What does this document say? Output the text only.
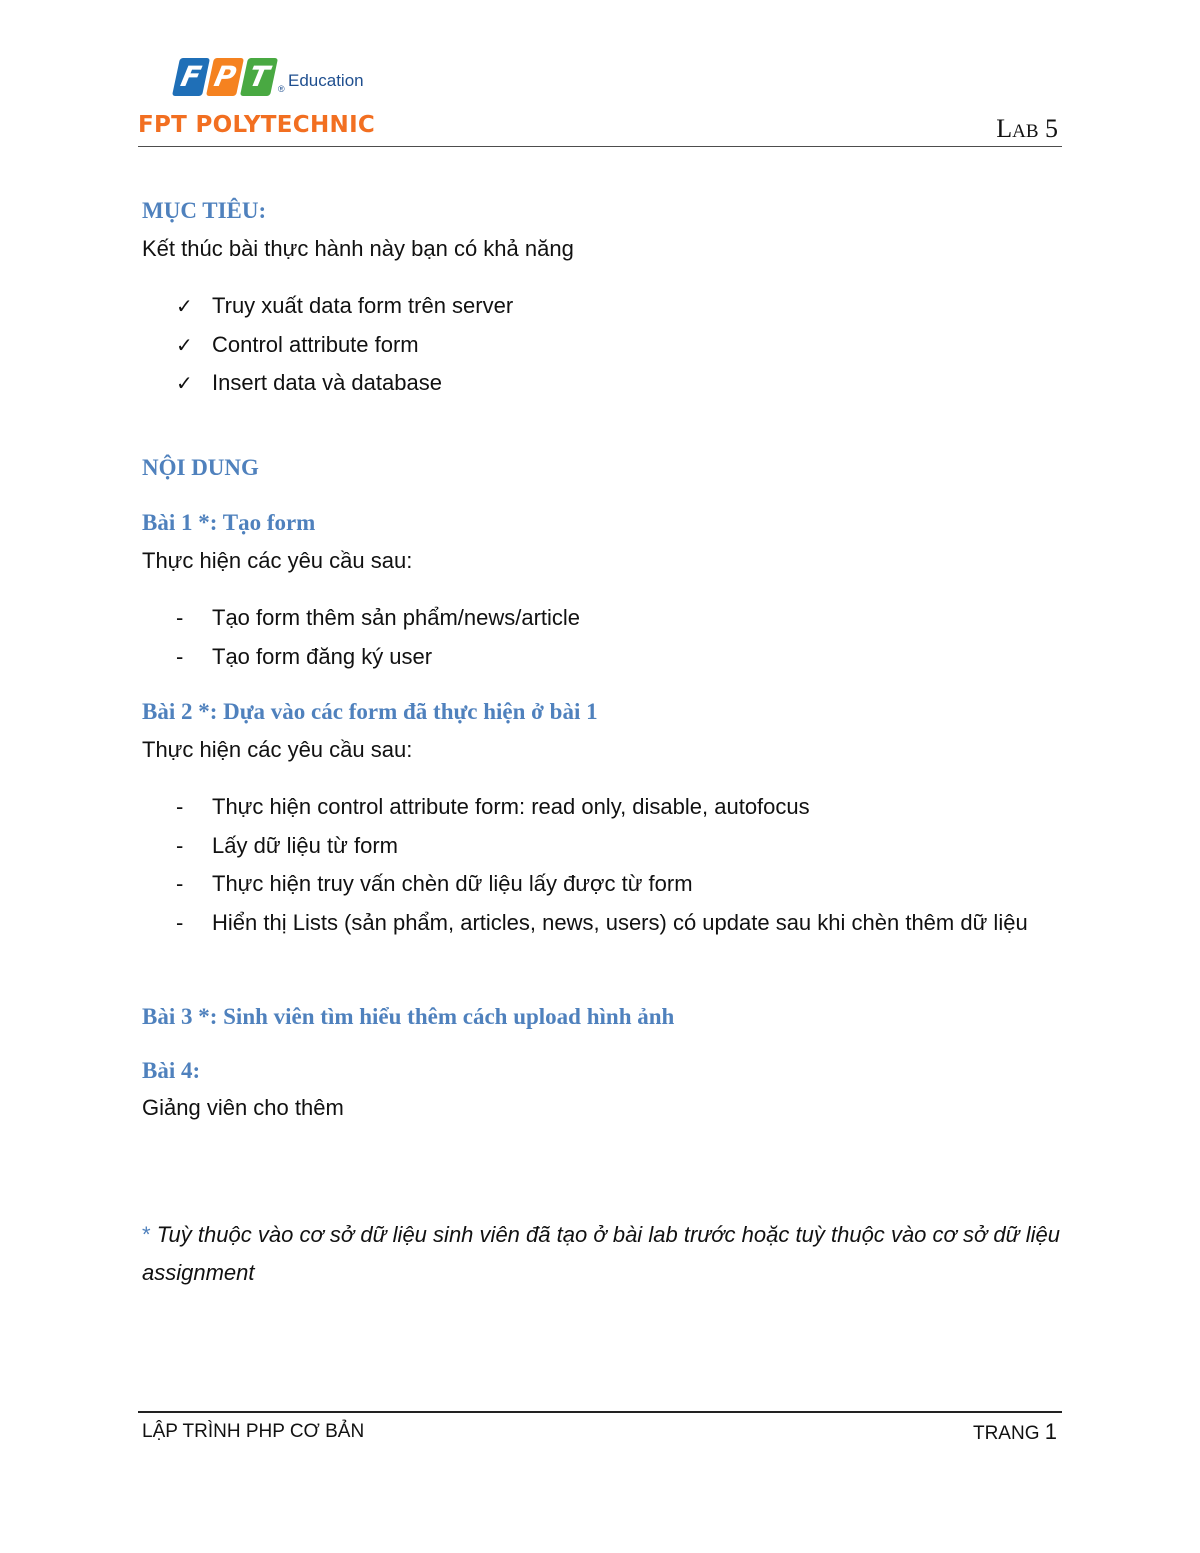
F P T ® Education
FPT POLYTECHNIC	LAB 5
MỤC TIÊU:

Kết thúc bài thực hành này bạn có khả năng

✓ Truy xuất data form trên server
✓ Control attribute form
✓ Insert data và database
NỘI DUNG
Bài 1 *: Tạo form

Thực hiện các yêu cầu sau:

- Tạo form thêm sản phẩm/news/article
- Tạo form đăng ký user
Bài 2 *: Dựa vào các form đã thực hiện ở bài 1

Thực hiện các yêu cầu sau:

- Thực hiện control attribute form: read only, disable, autofocus
- Lấy dữ liệu từ form
- Thực hiện truy vấn chèn dữ liệu lấy được từ form
- Hiển thị Lists (sản phẩm, articles, news, users) có update sau khi chèn thêm dữ liệu
Bài 3 *: Sinh viên tìm hiểu thêm cách upload hình ảnh
Bài 4:

Giảng viên cho thêm

* Tuỳ thuộc vào cơ sở dữ liệu sinh viên đã tạo ở bài lab trước hoặc tuỳ thuộc vào cơ sở dữ liệu assignment
LẬP TRÌNH PHP CƠ BẢN	TRANG 1
